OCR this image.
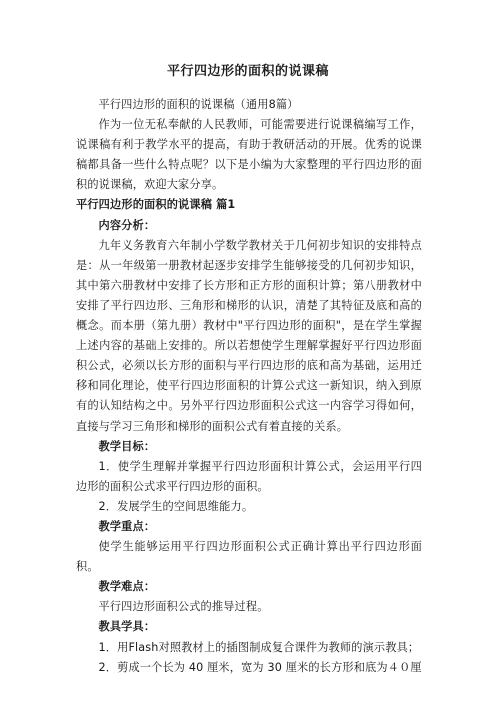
平行四边形的面积的说课稿

平行四边形的面积的说课稿（通用8篇）

作为一位无私奉献的人民教师，可能需要进行说课稿编写工作，说课稿有利于教学水平的提高，有助于教研活动的开展。优秀的说课稿都具备一些什么特点呢？以下是小编为大家整理的平行四边形的面积的说课稿，欢迎大家分享。

平行四边形的面积的说课稿 篇1

内容分析：

九年义务教育六年制小学数学教材关于几何初步知识的安排特点是：从一年级第一册教材起逐步安排学生能够接受的几何初步知识，其中第六册教材中安排了长方形和正方形的面积计算；第八册教材中安排了平行四边形、三角形和梯形的认识，清楚了其特征及底和高的概念。而本册（第九册）教材中"平行四边形的面积"，是在学生掌握上述内容的基础上安排的。所以若想使学生理解掌握好平行四边形面积公式，必须以长方形的面积与平行四边形的底和高为基础，运用迁移和同化理论，使平行四边形面积的计算公式这一新知识，纳入到原有的认知结构之中。另外平行四边形面积公式这一内容学习得如何，直接与学习三角形和梯形的面积公式有着直接的关系。

教学目标：

1．使学生理解并掌握平行四边形面积计算公式，会运用平行四边形的面积公式求平行四边形的面积。

2．发展学生的空间思维能力。

教学重点：

使学生能够运用平行四边形面积公式正确计算出平行四边形面积。

教学难点：

平行四边形面积公式的推导过程。

教具学具：

1．用Flash对照教材上的插图制成复合课件为教师的演示教具；

2．剪成一个长为 40 厘米，宽为 30 厘米的长方形和底为４０厘
